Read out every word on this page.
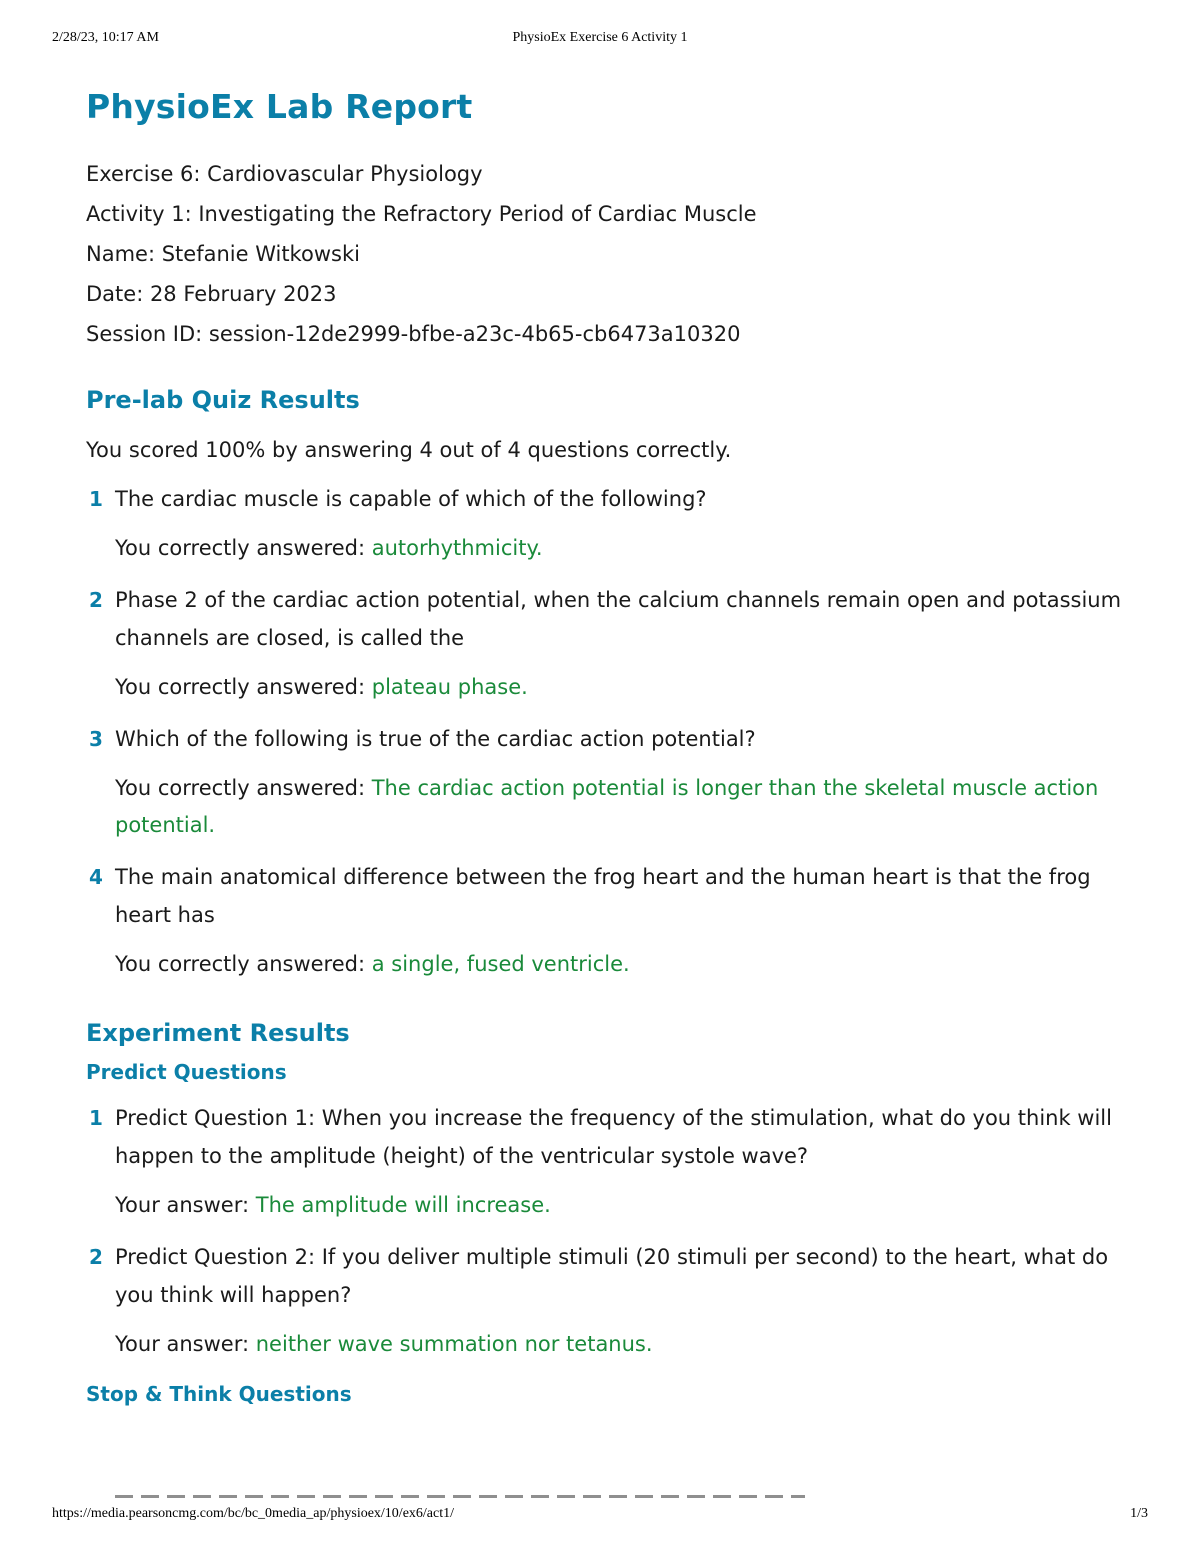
2/28/23, 10:17 AM	PhysioEx Exercise 6 Activity 1
PhysioEx Lab Report

Exercise 6: Cardiovascular Physiology

Activity 1: Investigating the Refractory Period of Cardiac Muscle

Name: Stefanie Witkowski

Date: 28 February 2023

Session ID: session-12de2999-bfbe-a23c-4b65-cb6473a10320

Pre-lab Quiz Results

You scored 100% by answering 4 out of 4 questions correctly.

1 The cardiac muscle is capable of which of the following?

You correctly answered: autorhythmicity.

2 Phase 2 of the cardiac action potential, when the calcium channels remain open and potassium channels are closed, is called the

You correctly answered: plateau phase.

3 Which of the following is true of the cardiac action potential?

You correctly answered: The cardiac action potential is longer than the skeletal muscle action potential.

4 The main anatomical difference between the frog heart and the human heart is that the frog heart has

You correctly answered: a single, fused ventricle.

Experiment Results
Predict Questions
1 Predict Question 1: When you increase the frequency of the stimulation, what do you think will happen to the amplitude (height) of the ventricular systole wave?

Your answer: The amplitude will increase.

2 Predict Question 2: If you deliver multiple stimuli (20 stimuli per second) to the heart, what do you think will happen?

Your answer: neither wave summation nor tetanus.

Stop & Think Questions
https://media.pearsoncmg.com/bc/bc_0media_ap/physioex/10/ex6/act1/	1/3
